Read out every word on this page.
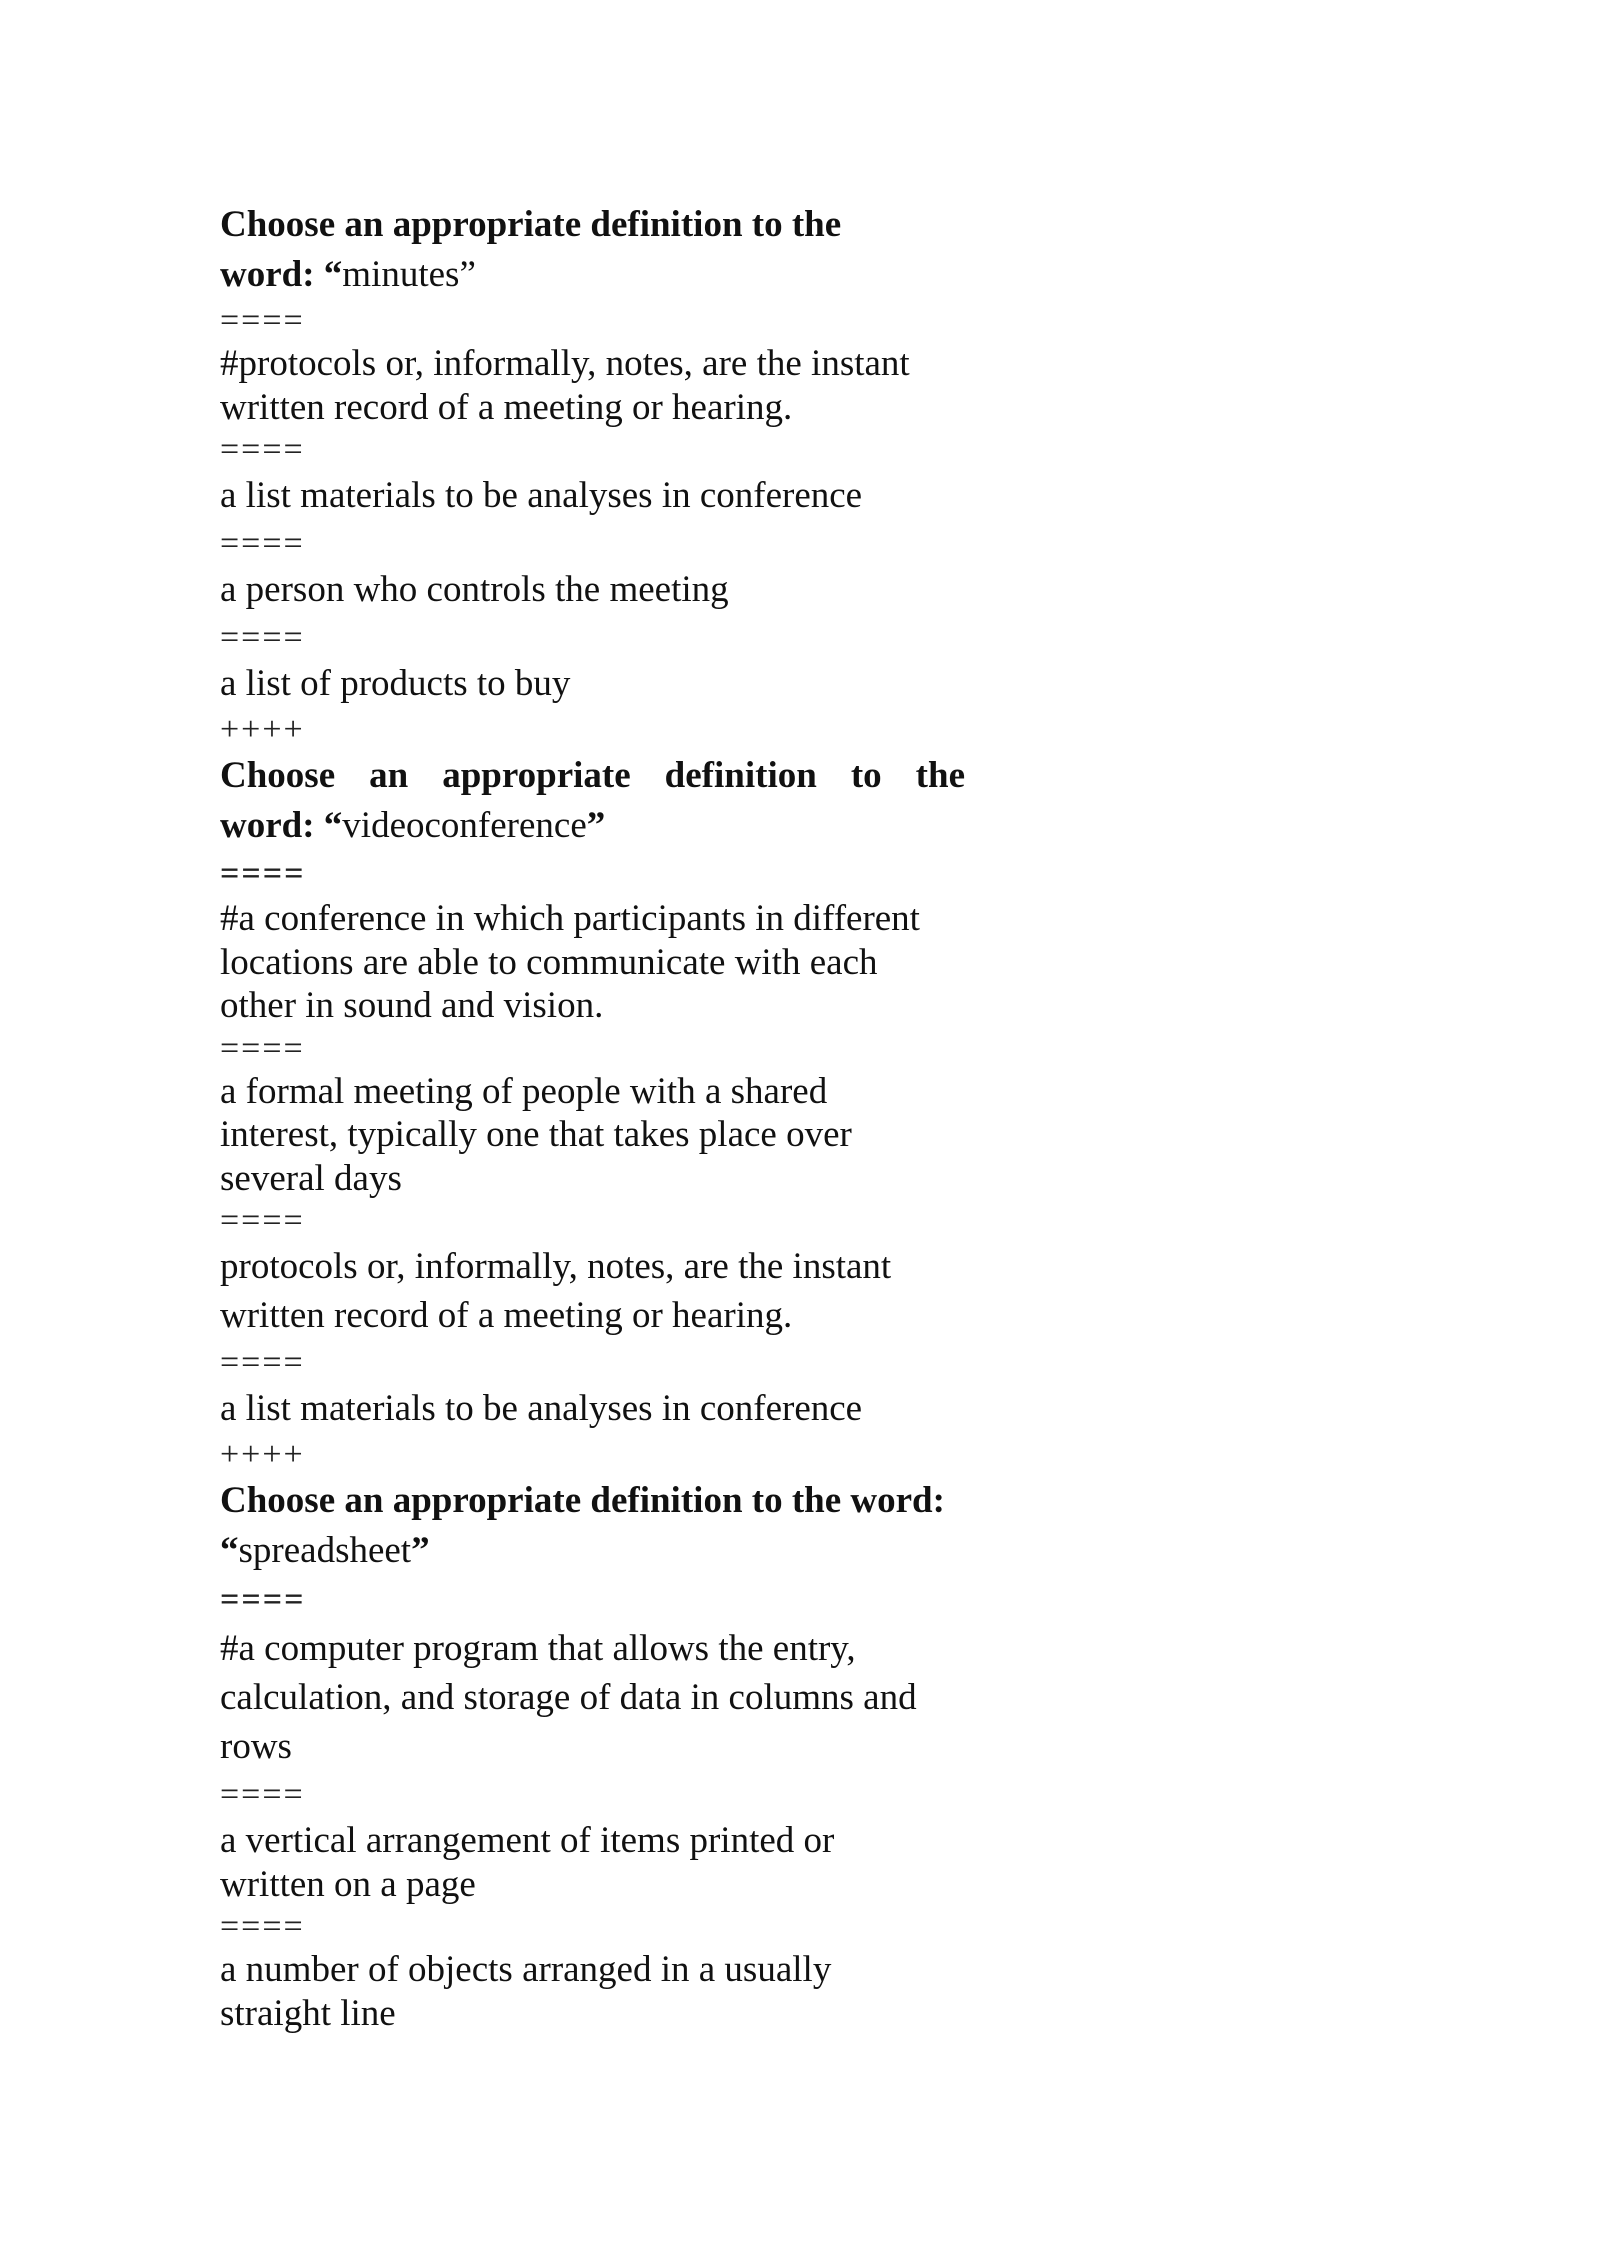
Choose an appropriate definition to the
word: “minutes”
====
#protocols or, informally, notes, are the instant
written record of a meeting or hearing.
====
a list materials to be analyses in conference
====
a person who controls the meeting
====
a list of products to buy
++++
Choose an appropriate definition to the
word: “videoconference”
====
#a conference in which participants in different
locations are able to communicate with each
other in sound and vision.
====
a formal meeting of people with a shared
interest, typically one that takes place over
several days
====
protocols or, informally, notes, are the instant
written record of a meeting or hearing.
====
a list materials to be analyses in conference
++++
Choose an appropriate definition to the word:
“spreadsheet”
====
#a computer program that allows the entry,
calculation, and storage of data in columns and
rows
====
a vertical arrangement of items printed or
written on a page
====
a number of objects arranged in a usually
straight line
